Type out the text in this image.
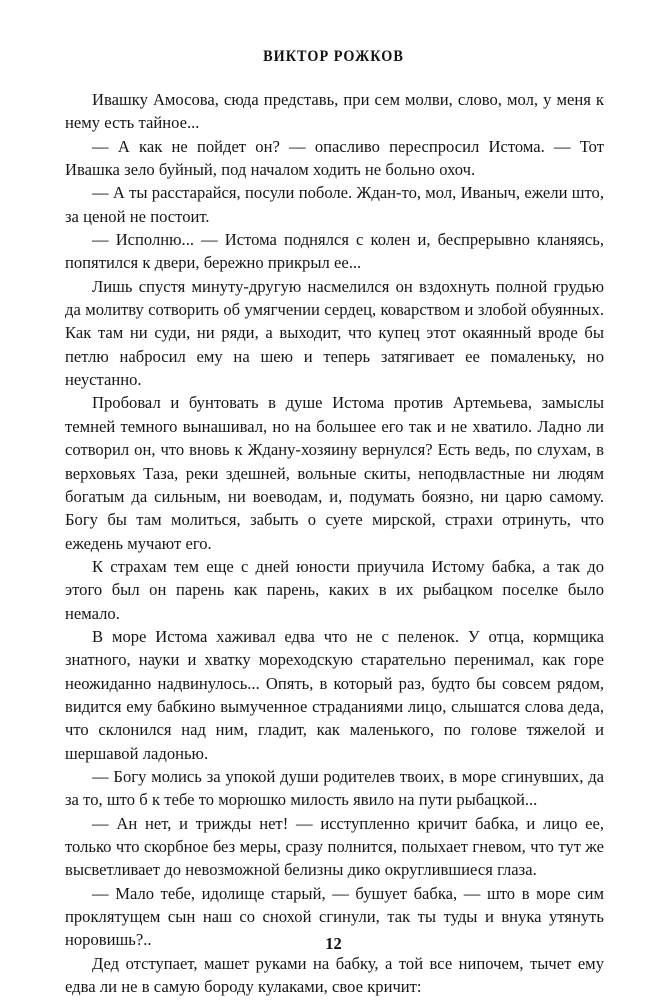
ВИКТОР РОЖКОВ

Ивашку Амосова, сюда представь, при сем молви, слово, мол, у меня к нему есть тайное...

— А как не пойдет он? — опасливо переспросил Истома. — Тот Ивашка зело буйный, под началом ходить не больно охоч.

— А ты расстарайся, посули поболе. Ждан-то, мол, Иваныч, ежели што, за ценой не постоит.

— Исполню... — Истома поднялся с колен и, беспрерывно кланяясь, попятился к двери, бережно прикрыл ее...

Лишь спустя минуту-другую насмелился он вздохнуть полной грудью да молитву сотворить об умягчении сердец, коварством и злобой обуянных. Как там ни суди, ни ряди, а выходит, что купец этот окаянный вроде бы петлю набросил ему на шею и теперь затягивает ее помаленьку, но неустанно.

Пробовал и бунтовать в душе Истома против Артемьева, замыслы темней темного вынашивал, но на большее его так и не хватило. Ладно ли сотворил он, что вновь к Ждану-хозяину вернулся? Есть ведь, по слухам, в верховьях Таза, реки здешней, вольные скиты, неподвластные ни людям богатым да сильным, ни воеводам, и, подумать боязно, ни царю самому. Богу бы там молиться, забыть о суете мирской, страхи отринуть, что ежедень мучают его.

К страхам тем еще с дней юности приучила Истому бабка, а так до этого был он парень как парень, каких в их рыбацком поселке было немало.

В море Истома хаживал едва что не с пеленок. У отца, кормщика знатного, науки и хватку мореходскую старательно перенимал, как горе неожиданно надвинулось... Опять, в который раз, будто бы совсем рядом, видится ему бабкино вымученное страданиями лицо, слышатся слова деда, что склонился над ним, гладит, как маленького, по голове тяжелой и шершавой ладонью.

— Богу молись за упокой души родителев твоих, в море сгинувших, да за то, што б к тебе то морюшко милость явило на пути рыбацкой...

— Ан нет, и трижды нет! — исступленно кричит бабка, и лицо ее, только что скорбное без меры, сразу полнится, полыхает гневом, что тут же высветливает до невозможной белизны дико округлившиеся глаза.

— Мало тебе, идолище старый, — бушует бабка, — што в море сим проклятущем сын наш со снохой сгинули, так ты туды и внука утянуть норовишь?..

Дед отступает, машет руками на бабку, а той все нипочем, тычет ему едва ли не в самую бороду кулаками, свое кричит:

12
